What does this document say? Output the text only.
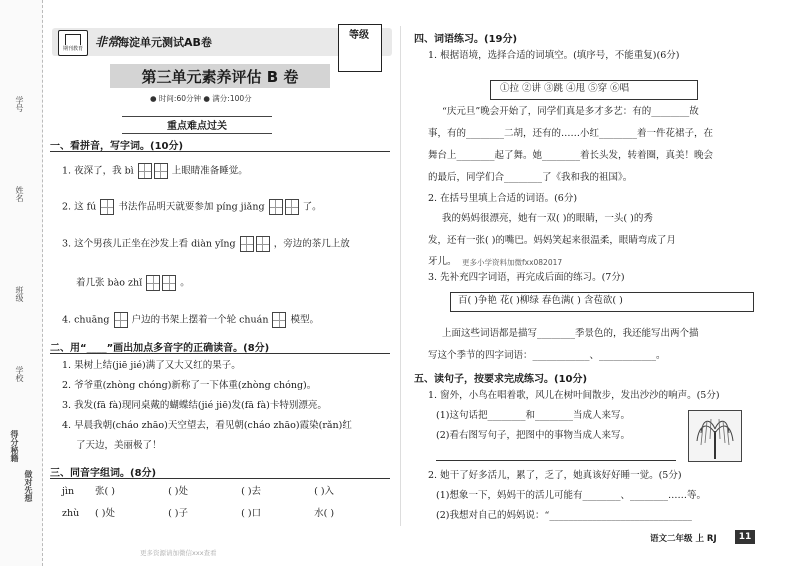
学号
姓名
班级
学校
得分秘籍
做对先想
期刊教育	非常
海淀单元测试AB卷
等级
第三单元素养评估 B 卷
● 时间:60分钟 ● 满分:100分
重点难点过关
一、看拼音，写字词。(10分)
1. 夜深了，我 bì	上眼睛准备睡觉。
2. 这 fú 书法作品明天就要参加 píng jiǎng	了。
3. 这个男孩儿正坐在沙发上看 diàn yǐng	，旁边的茶几上放
着几张 bào zhǐ	。
4. chuāng 户边的书架上摆着一个轮 chuán 模型。
二、用“____”画出加点多音字的正确读音。(8分)
1. 果树上结(jiē jié)满了又大又红的果子。
2. 爷爷重(zhòng chóng)新称了一下体重(zhòng chóng)。
3. 我发(fā fà)现同桌戴的蝴蝶结(jié jiē)发(fā fà)卡特别漂亮。
4. 早晨我朝(cháo zhāo)天空望去，看见朝(cháo zhāo)霞染(rǎn)红
了天边，美丽极了！
三、同音字组词。(8分)
jìn 张( )	( )处	( )去	( )入
zhù ( )处	( )子	( )口	水( )
四、词语练习。(19分)
1. 根据语境，选择合适的词填空。(填序号，不能重复)(6分)
①拉 ②讲 ③跳 ④甩 ⑤穿 ⑥唱
“庆元旦”晚会开始了，同学们真是多才多艺：有的________故
事，有的________二胡，还有的……小红________着一件花裙子，在
舞台上________起了舞。她________着长头发，转着圈，真美！晚会
的最后，同学们合________了《我和我的祖国》。
2. 在括号里填上合适的词语。(6分)
我的妈妈很漂亮，她有一双( )的眼睛，一头( )的秀
发，还有一张( )的嘴巴。妈妈笑起来很温柔，眼睛弯成了月
牙儿。 更多小学资料加微fxx082017
3. 先补充四字词语，再完成后面的练习。(7分)
百( )争艳 花( )柳绿 春色满( ) 含苞欲( )
上面这些词语都是描写________季景色的，我还能写出两个描
写这个季节的四字词语：____________、____________。
五、读句子，按要求完成练习。(10分)
1. 窗外，小鸟在唱着歌，风儿在树叶间散步，发出沙沙的响声。(5分)
(1)这句话把________和________当成人来写。
(2)看右图写句子，把图中的事物当成人来写。
2. 她干了好多活儿，累了，乏了，她真该好好睡一觉。(5分)
(1)想象一下，妈妈干的活儿可能有________、________……等。
(2)我想对自己的妈妈说：“______________________________
语文二年级 上 RJ	11
更多资源请加微信xxx查看
